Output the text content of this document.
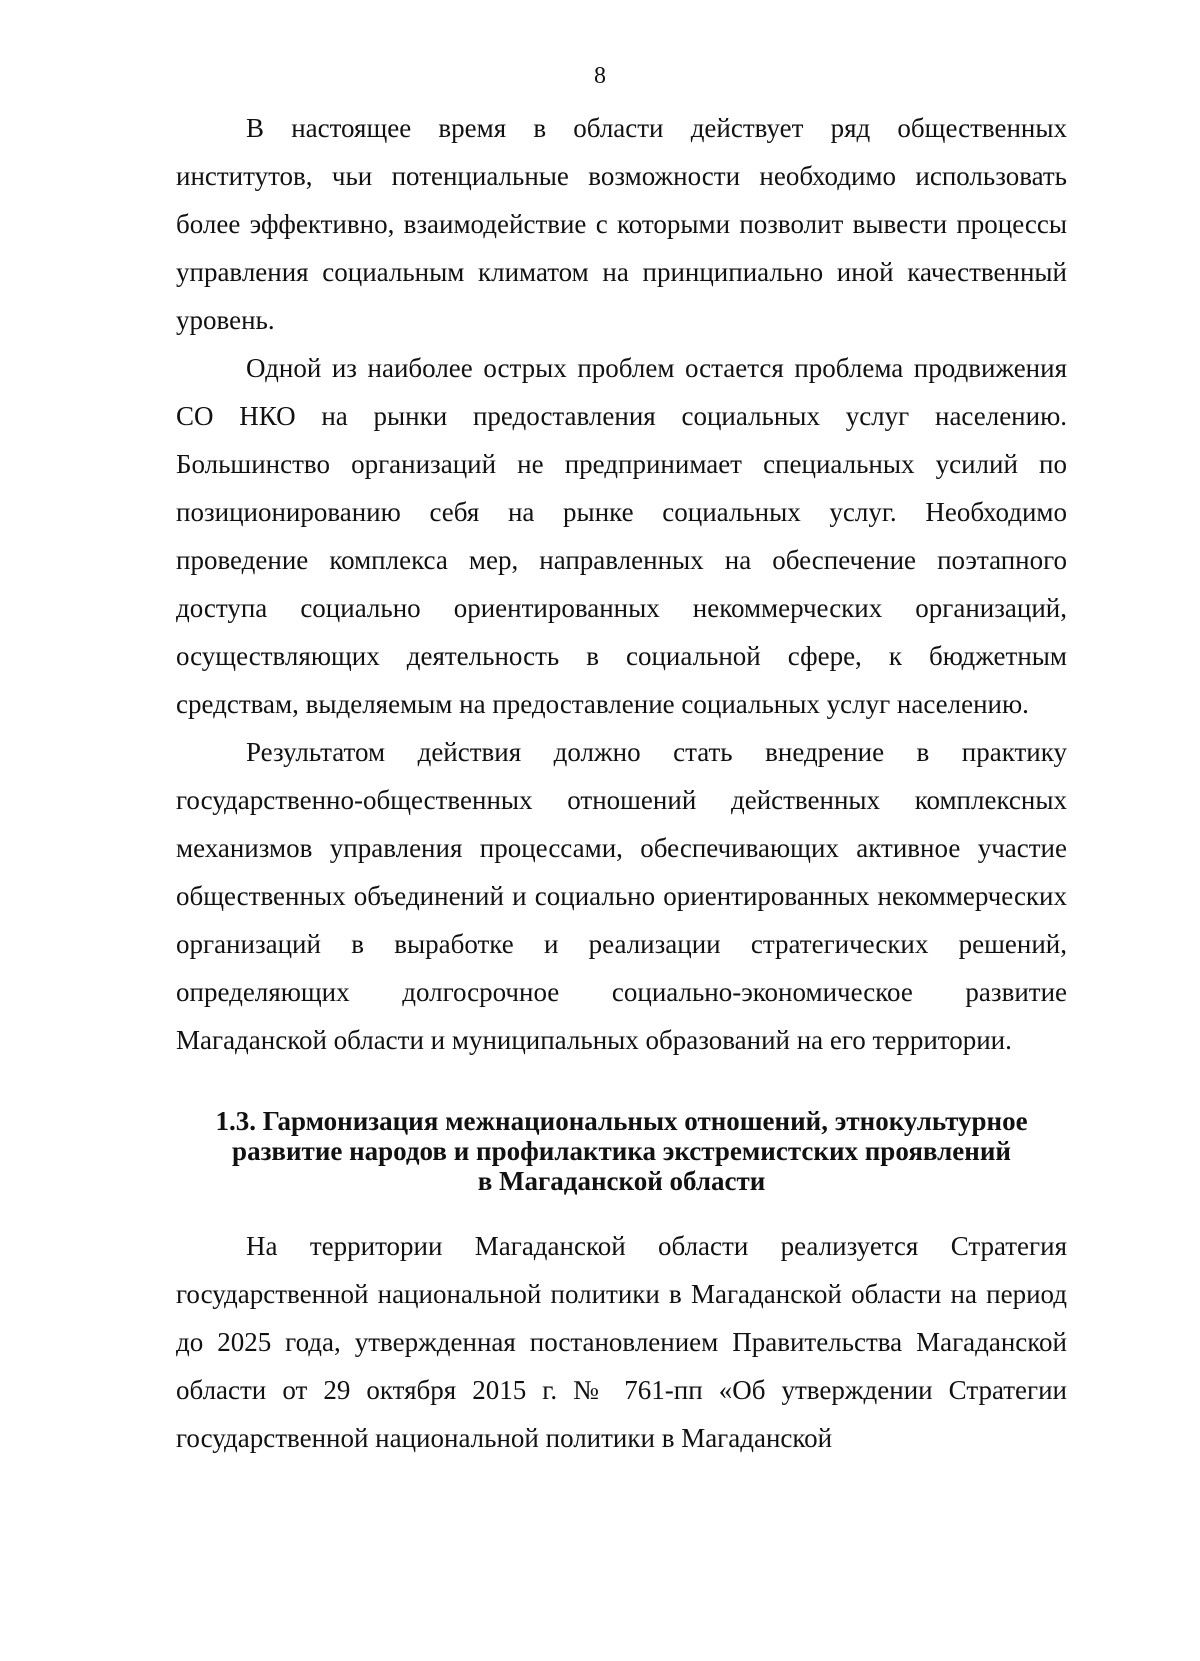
8

В настоящее время в области действует ряд общественных институтов, чьи потенциальные возможности необходимо использовать более эффективно, взаимодействие с которыми позволит вывести процессы управления социальным климатом на принципиально иной качественный уровень.

Одной из наиболее острых проблем остается проблема продвижения СО НКО на рынки предоставления социальных услуг населению. Большинство организаций не предпринимает специальных усилий по позиционированию себя на рынке социальных услуг. Необходимо проведение комплекса мер, направленных на обеспечение поэтапного доступа социально ориентированных некоммерческих организаций, осуществляющих деятельность в социальной сфере, к бюджетным средствам, выделяемым на предоставление социальных услуг населению.

Результатом действия должно стать внедрение в практику государственно-общественных отношений действенных комплексных механизмов управления процессами, обеспечивающих активное участие общественных объединений и социально ориентированных некоммерческих организаций в выработке и реализации стратегических решений, определяющих долгосрочное социально-экономическое развитие Магаданской области и муниципальных образований на его территории.

1.3. Гармонизация межнациональных отношений, этнокультурное
развитие народов и профилактика экстремистских проявлений
в Магаданской области

На территории Магаданской области реализуется Стратегия государственной национальной политики в Магаданской области на период до 2025 года, утвержденная постановлением Правительства Магаданской области от 29 октября 2015 г. № 761-пп «Об утверждении Стратегии государственной национальной политики в Магаданской
